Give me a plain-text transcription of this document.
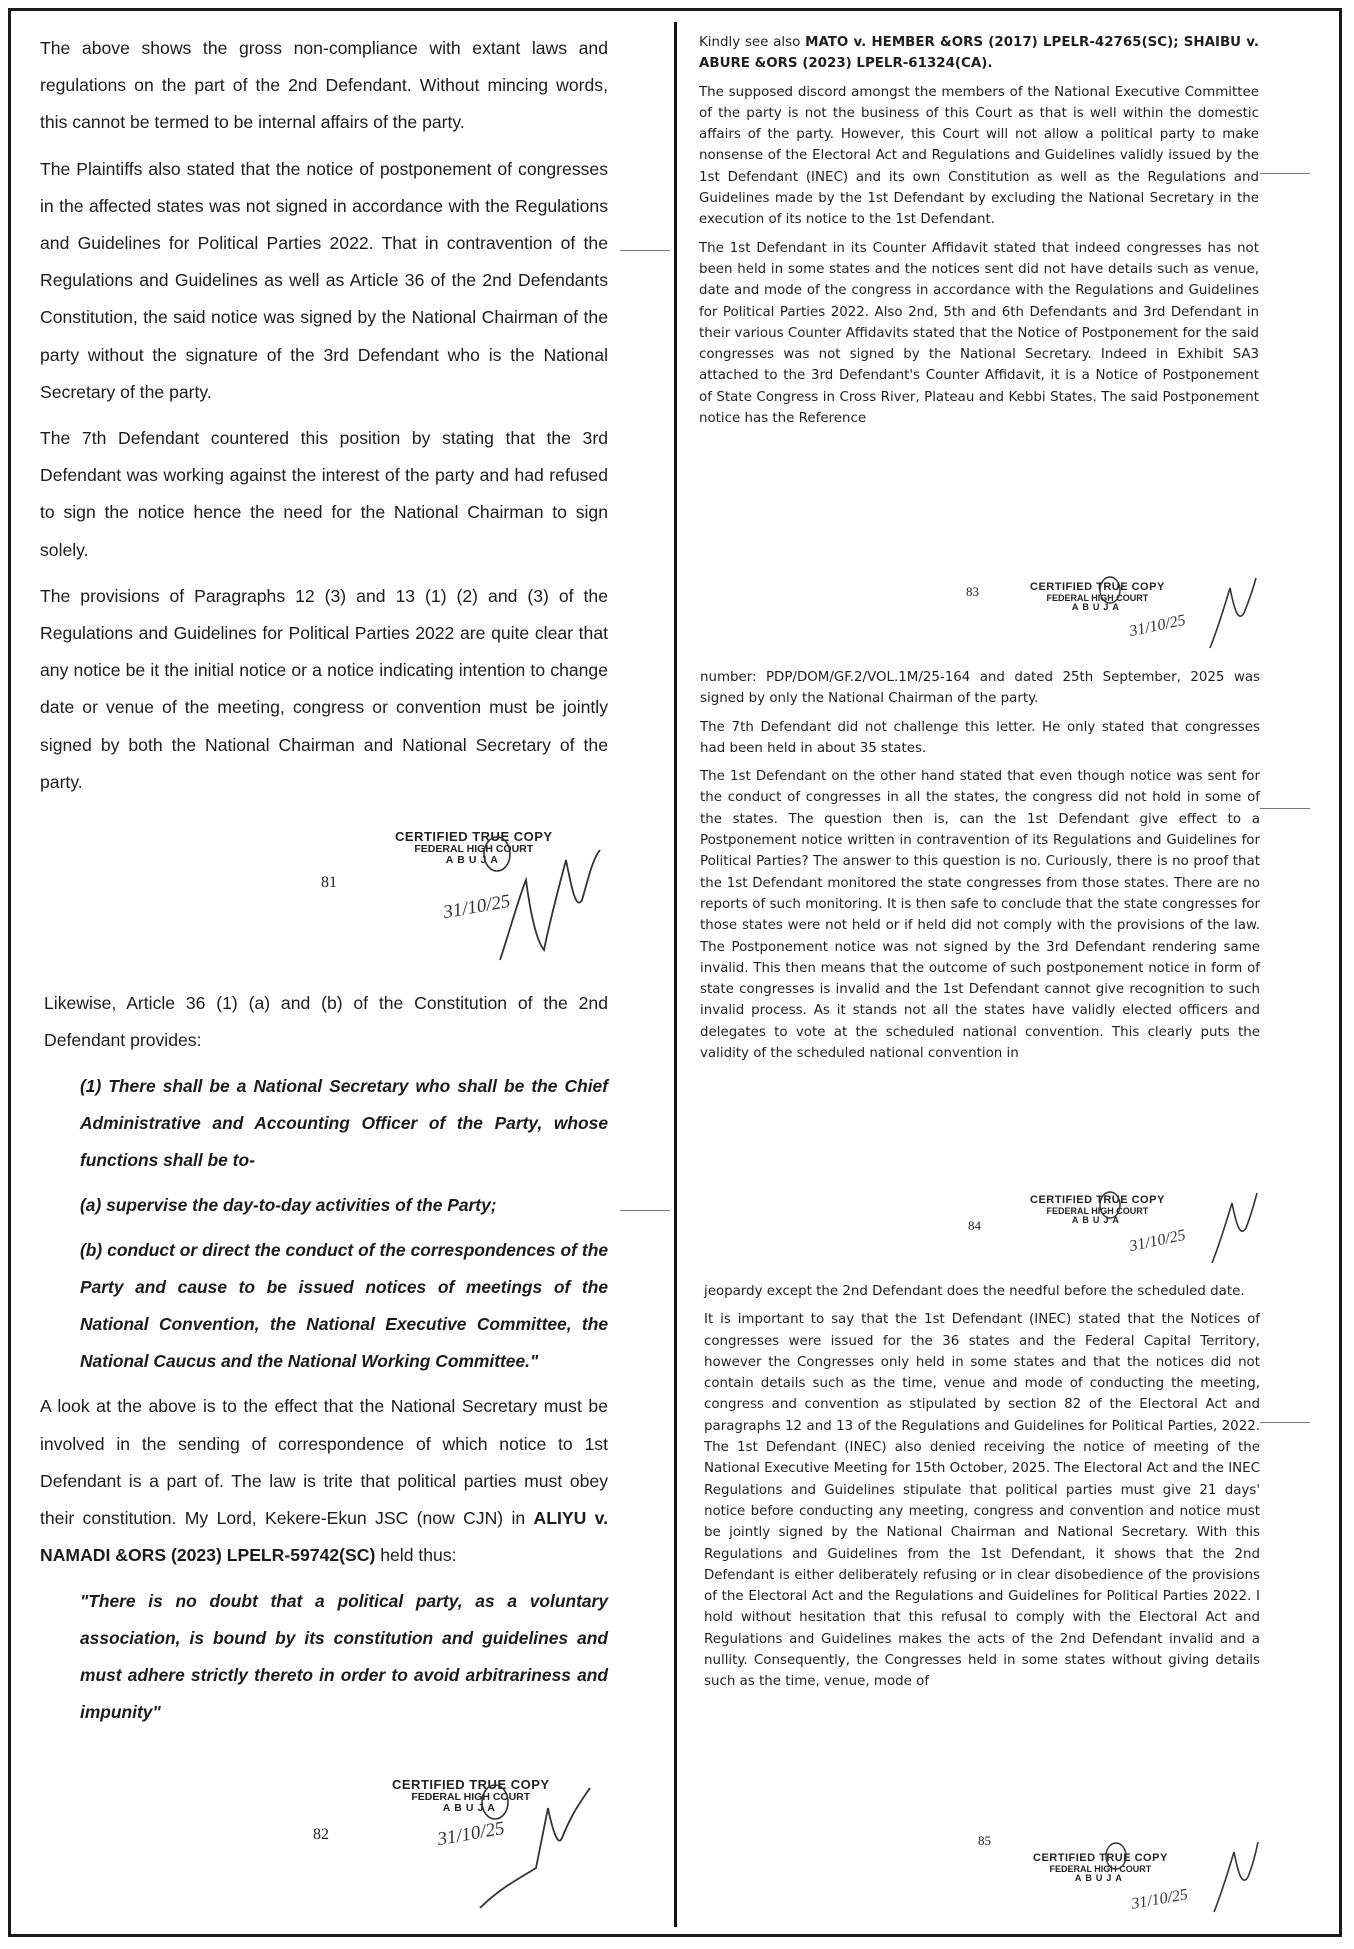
The above shows the gross non-compliance with extant laws and regulations on the part of the 2nd Defendant. Without mincing words, this cannot be termed to be internal affairs of the party.

The Plaintiffs also stated that the notice of postponement of congresses in the affected states was not signed in accordance with the Regulations and Guidelines for Political Parties 2022. That in contravention of the Regulations and Guidelines as well as Article 36 of the 2nd Defendants Constitution, the said notice was signed by the National Chairman of the party without the signature of the 3rd Defendant who is the National Secretary of the party.

The 7th Defendant countered this position by stating that the 3rd Defendant was working against the interest of the party and had refused to sign the notice hence the need for the National Chairman to sign solely.

The provisions of Paragraphs 12 (3) and 13 (1) (2) and (3) of the Regulations and Guidelines for Political Parties 2022 are quite clear that any notice be it the initial notice or a notice indicating intention to change date or venue of the meeting, congress or convention must be jointly signed by both the National Chairman and National Secretary of the party.

81

Likewise, Article 36 (1) (a) and (b) of the Constitution of the 2nd Defendant provides:

(1) There shall be a National Secretary who shall be the Chief Administrative and Accounting Officer of the Party, whose functions shall be to-

(a) supervise the day-to-day activities of the Party;

(b) conduct or direct the conduct of the correspondences of the Party and cause to be issued notices of meetings of the National Convention, the National Executive Committee, the National Caucus and the National Working Committee."

A look at the above is to the effect that the National Secretary must be involved in the sending of correspondence of which notice to 1st Defendant is a part of. The law is trite that political parties must obey their constitution. My Lord, Kekere-Ekun JSC (now CJN) in ALIYU v. NAMADI &ORS (2023) LPELR-59742(SC) held thus:

"There is no doubt that a political party, as a voluntary association, is bound by its constitution and guidelines and must adhere strictly thereto in order to avoid arbitrariness and impunity"

82

Kindly see also MATO v. HEMBER &ORS (2017) LPELR-42765(SC); SHAIBU v. ABURE &ORS (2023) LPELR-61324(CA).

The supposed discord amongst the members of the National Executive Committee of the party is not the business of this Court as that is well within the domestic affairs of the party. However, this Court will not allow a political party to make nonsense of the Electoral Act and Regulations and Guidelines validly issued by the 1st Defendant (INEC) and its own Constitution as well as the Regulations and Guidelines made by the 1st Defendant by excluding the National Secretary in the execution of its notice to the 1st Defendant.

The 1st Defendant in its Counter Affidavit stated that indeed congresses has not been held in some states and the notices sent did not have details such as venue, date and mode of the congress in accordance with the Regulations and Guidelines for Political Parties 2022. Also 2nd, 5th and 6th Defendants and 3rd Defendant in their various Counter Affidavits stated that the Notice of Postponement for the said congresses was not signed by the National Secretary. Indeed in Exhibit SA3 attached to the 3rd Defendant's Counter Affidavit, it is a Notice of Postponement of State Congress in Cross River, Plateau and Kebbi States. The said Postponement notice has the Reference

83

number: PDP/DOM/GF.2/VOL.1M/25-164 and dated 25th September, 2025 was signed by only the National Chairman of the party.

The 7th Defendant did not challenge this letter. He only stated that congresses had been held in about 35 states.

The 1st Defendant on the other hand stated that even though notice was sent for the conduct of congresses in all the states, the congress did not hold in some of the states. The question then is, can the 1st Defendant give effect to a Postponement notice written in contravention of its Regulations and Guidelines for Political Parties? The answer to this question is no. Curiously, there is no proof that the 1st Defendant monitored the state congresses from those states. There are no reports of such monitoring. It is then safe to conclude that the state congresses for those states were not held or if held did not comply with the provisions of the law. The Postponement notice was not signed by the 3rd Defendant rendering same invalid. This then means that the outcome of such postponement notice in form of state congresses is invalid and the 1st Defendant cannot give recognition to such invalid process. As it stands not all the states have validly elected officers and delegates to vote at the scheduled national convention. This clearly puts the validity of the scheduled national convention in

84

jeopardy except the 2nd Defendant does the needful before the scheduled date.

It is important to say that the 1st Defendant (INEC) stated that the Notices of congresses were issued for the 36 states and the Federal Capital Territory, however the Congresses only held in some states and that the notices did not contain details such as the time, venue and mode of conducting the meeting, congress and convention as stipulated by section 82 of the Electoral Act and paragraphs 12 and 13 of the Regulations and Guidelines for Political Parties, 2022. The 1st Defendant (INEC) also denied receiving the notice of meeting of the National Executive Meeting for 15th October, 2025. The Electoral Act and the INEC Regulations and Guidelines stipulate that political parties must give 21 days' notice before conducting any meeting, congress and convention and notice must be jointly signed by the National Chairman and National Secretary. With this Regulations and Guidelines from the 1st Defendant, it shows that the 2nd Defendant is either deliberately refusing or in clear disobedience of the provisions of the Electoral Act and the Regulations and Guidelines for Political Parties 2022. I hold without hesitation that this refusal to comply with the Electoral Act and Regulations and Guidelines makes the acts of the 2nd Defendant invalid and a nullity. Consequently, the Congresses held in some states without giving details such as the time, venue, mode of

85
CERTIFIED TRUE COPY
FEDERAL HIGH COURT
ABUJA
CERTIFIED TRUE COPY
FEDERAL HIGH COURT
ABUJA
CERTIFIED TRUE COPY
FEDERAL HIGH COURT
ABUJA
CERTIFIED TRUE COPY
FEDERAL HIGH COURT
ABUJA
CERTIFIED TRUE COPY
FEDERAL HIGH COURT
ABUJA
31/10/25
31/10/25
31/10/25
31/10/25
31/10/25
